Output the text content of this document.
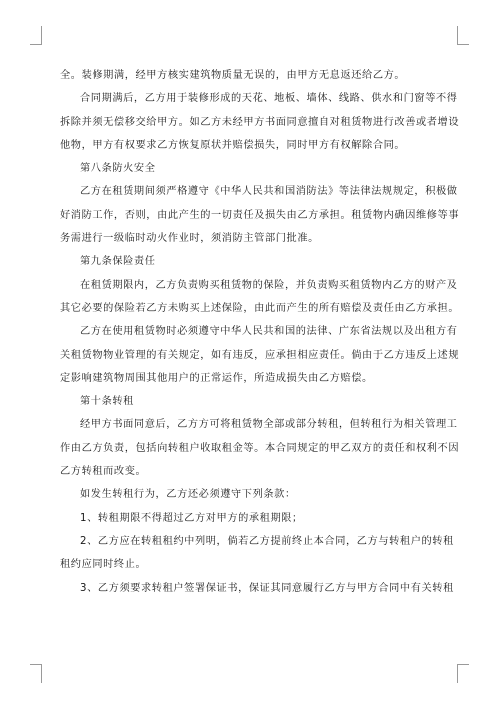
全。装修期满，经甲方核实建筑物质量无误的，由甲方无息返还给乙方。
合同期满后，乙方用于装修形成的天花、地板、墙体、线路、供水和门窗等不得
拆除并须无偿移交给甲方。如乙方未经甲方书面同意擅自对租赁物进行改善或者增设
他物，甲方有权要求乙方恢复原状并赔偿损失，同时甲方有权解除合同。
第八条防火安全
乙方在租赁期间须严格遵守《中华人民共和国消防法》等法律法规规定，积极做
好消防工作，否则，由此产生的一切责任及损失由乙方承担。租赁物内确因维修等事
务需进行一级临时动火作业时，须消防主管部门批准。
第九条保险责任
在租赁期限内，乙方负责购买租赁物的保险，并负责购买租赁物内乙方的财产及
其它必要的保险若乙方未购买上述保险，由此而产生的所有赔偿及责任由乙方承担。
乙方在使用租赁物时必须遵守中华人民共和国的法律、广东省法规以及出租方有
关租赁物物业管理的有关规定，如有违反，应承担相应责任。倘由于乙方违反上述规
定影响建筑物周围其他用户的正常运作，所造成损失由乙方赔偿。
第十条转租
经甲方书面同意后，乙方方可将租赁物全部或部分转租，但转租行为相关管理工
作由乙方负责，包括向转租户收取租金等。本合同规定的甲乙双方的责任和权利不因
乙方转租而改变。
如发生转租行为，乙方还必须遵守下列条款：
1、转租期限不得超过乙方对甲方的承租期限；
2、乙方应在转租租约中列明，倘若乙方提前终止本合同，乙方与转租户的转租
租约应同时终止。
3、乙方须要求转租户签署保证书，保证其同意履行乙方与甲方合同中有关转租
